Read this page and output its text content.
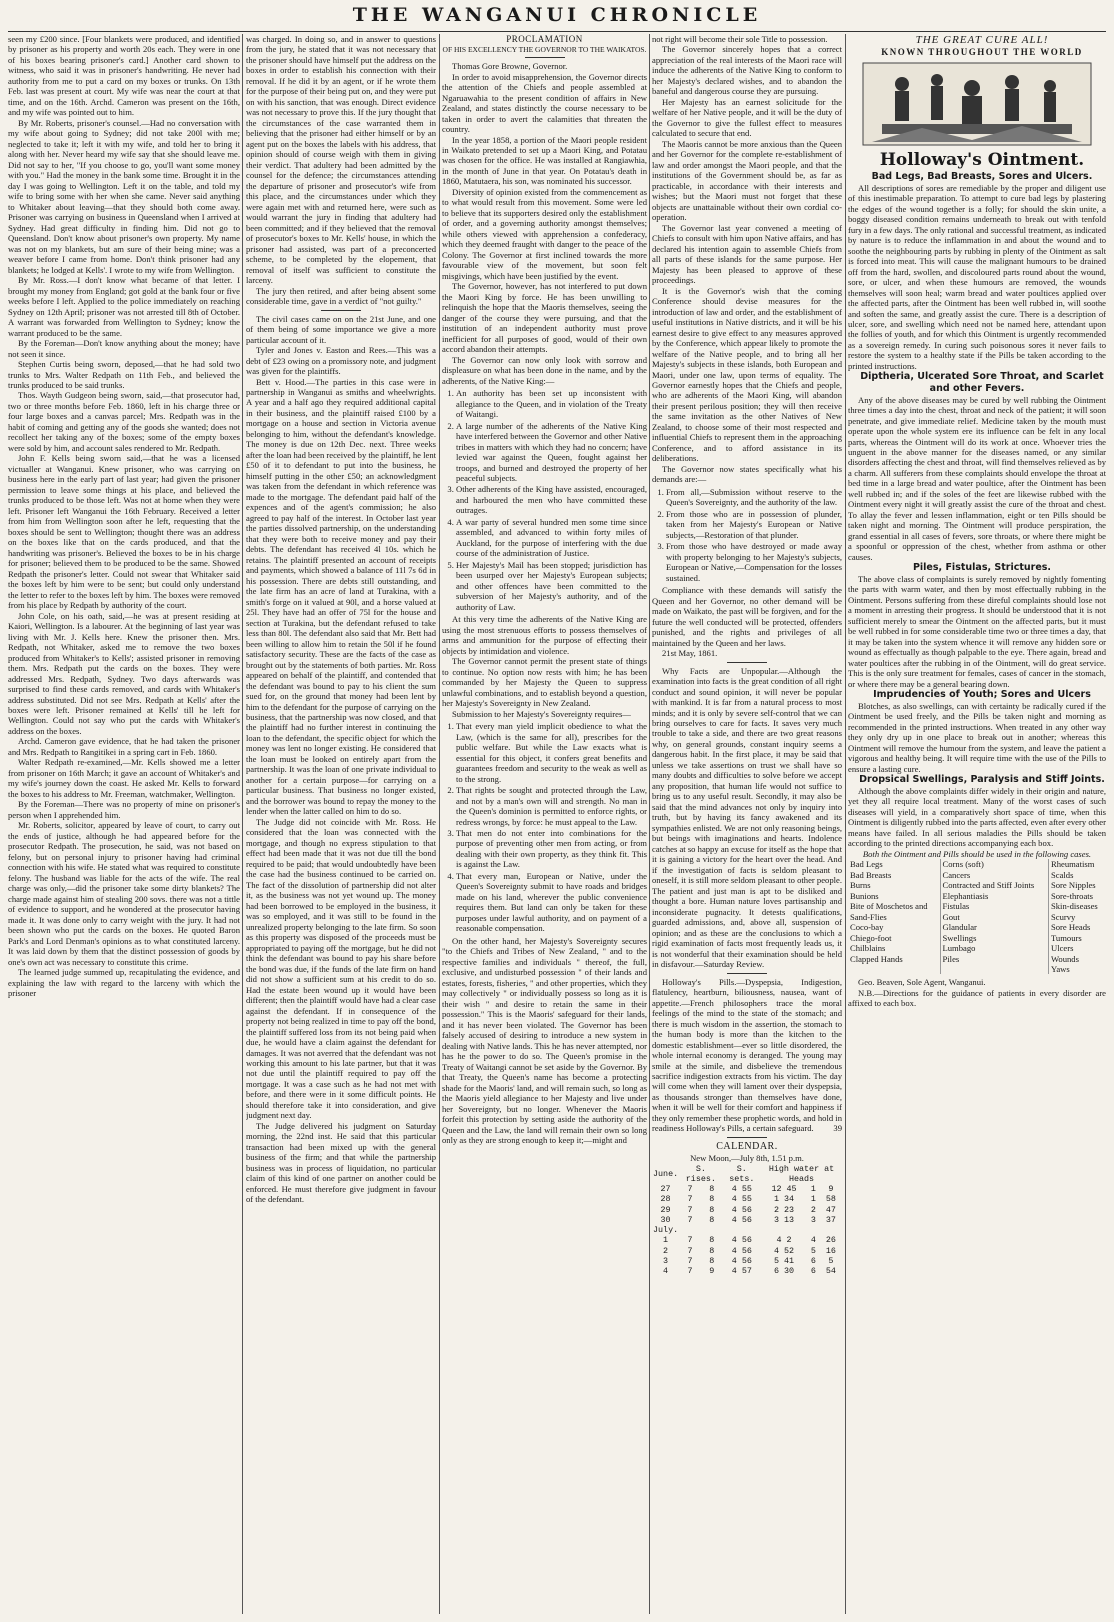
THE WANGANUI CHRONICLE

seen my £200 since. [Four blankets were produced, and identified by prisoner as his property and worth 20s each. They were in one of his boxes bearing prisoner's card.] Another card shown to witness, who said it was in prisoner's handwriting. He never had authority from me to put a card on my boxes or trunks. On 13th Feb. last was present at court. My wife was near the court at that time, and on the 16th. Archd. Cameron was present on the 16th, and my wife was pointed out to him.

By Mr. Roberts, prisoner's counsel.—Had no conversation with my wife about going to Sydney; did not take 200l with me; neglected to take it; left it with my wife, and told her to bring it along with her. Never heard my wife say that she should leave me. Did not say to her, "If you choose to go, you'll want some money with you." Had the money in the bank some time. Brought it in the day I was going to Wellington. Left it on the table, and told my wife to bring some with her when she came. Never said anything to Whitaker about leaving—that they should both come away. Prisoner was carrying on business in Queensland when I arrived at Sydney. Had great difficulty in finding him. Did not go to Queensland. Don't know about prisoner's own property. My name was not on my blankets, but am sure of their being mine; was a weaver before I came from home. Don't think prisoner had any blankets; he lodged at Kells'. I wrote to my wife from Wellington.

By Mr. Ross.—I don't know what became of that letter. I brought my money from England; got gold at the bank four or five weeks before I left. Applied to the police immediately on reaching Sydney on 12th April; prisoner was not arrested till 8th of October. A warrant was forwarded from Wellington to Sydney; know the warrant produced to be the same.

By the Foreman—Don't know anything about the money; have not seen it since.

Stephen Curtis being sworn, deposed,—that he had sold two trunks to Mrs. Walter Redpath on 11th Feb., and believed the trunks produced to be said trunks.

Thos. Wayth Gudgeon being sworn, said,—that prosecutor had, two or three months before Feb. 1860, left in his charge three or four large boxes and a canvas parcel; Mrs. Redpath was in the habit of coming and getting any of the goods she wanted; does not recollect her taking any of the boxes; some of the empty boxes were sold by him, and account sales rendered to Mr. Redpath.

John F. Kells being sworn said,—that he was a licensed victualler at Wanganui. Knew prisoner, who was carrying on business here in the early part of last year; had given the prisoner permission to leave some things at his place, and believed the trunks produced to be those left. Was not at home when they were left. Prisoner left Wanganui the 16th February. Received a letter from him from Wellington soon after he left, requesting that the boxes should be sent to Wellington; thought there was an address on the boxes like that on the cards produced, and that the handwriting was prisoner's. Believed the boxes to be in his charge for prisoner; believed them to be produced to be the same. Showed Redpath the prisoner's letter. Could not swear that Whitaker said the boxes left by him were to be sent; but could only understand the letter to refer to the boxes left by him. The boxes were removed from his place by Redpath by authority of the court.

John Cole, on his oath, said,—he was at present residing at Kaiori, Wellington. Is a labourer. At the beginning of last year was living with Mr. J. Kells here. Knew the prisoner then. Mrs. Redpath, not Whitaker, asked me to remove the two boxes produced from Whitaker's to Kells'; assisted prisoner in removing them. Mrs. Redpath put the cards on the boxes. They were addressed Mrs. Redpath, Sydney. Two days afterwards was surprised to find these cards removed, and cards with Whitaker's address substituted. Did not see Mrs. Redpath at Kells' after the boxes were left. Prisoner remained at Kells' till he left for Wellington. Could not say who put the cards with Whitaker's address on the boxes.

Archd. Cameron gave evidence, that he had taken the prisoner and Mrs. Redpath to Rangitikei in a spring cart in Feb. 1860.

Walter Redpath re-examined,—Mr. Kells showed me a letter from prisoner on 16th March; it gave an account of Whitaker's and my wife's journey down the coast. He asked Mr. Kells to forward the boxes to his address to Mr. Freeman, watchmaker, Wellington.

By the Foreman—There was no property of mine on prisoner's person when I apprehended him.

Mr. Roberts, solicitor, appeared by leave of court, to carry out the ends of justice, although he had appeared before for the prosecutor Redpath. The prosecution, he said, was not based on felony, but on personal injury to prisoner having had criminal connection with his wife. He stated what was required to constitute felony. The husband was liable for the acts of the wife. The real charge was only,—did the prisoner take some dirty blankets? The charge made against him of stealing 200 sovs. there was not a tittle of evidence to support, and he wondered at the prosecutor having made it. It was done only to carry weight with the jury. It had not been shown who put the cards on the boxes. He quoted Baron Park's and Lord Denman's opinions as to what constituted larceny. It was laid down by them that the distinct possession of goods by one's own act was necessary to constitute this crime.

The learned judge summed up, recapitulating the evidence, and explaining the law with regard to the larceny with which the prisoner

was charged. In doing so, and in answer to questions from the jury, he stated that it was not necessary that the prisoner should have himself put the address on the boxes in order to establish his connection with their removal. If he did it by an agent, or if he wrote them for the purpose of their being put on, and they were put on with his sanction, that was enough. Direct evidence was not necessary to prove this. If the jury thought that the circumstances of the case warranted them in believing that the prisoner had either himself or by an agent put on the boxes the labels with his address, that opinion should of course weigh with them in giving their verdict. That adultery had been admitted by the counsel for the defence; the circumstances attending the departure of prisoner and prosecutor's wife from this place, and the circumstances under which they were again met with and returned here, were such as would warrant the jury in finding that adultery had been committed; and if they believed that the removal of prosecutor's boxes to Mr. Kells' house, in which the prisoner had assisted, was part of a preconcerted scheme, to be completed by the elopement, that removal of itself was sufficient to constitute the larceny.

The jury then retired, and after being absent some considerable time, gave in a verdict of "not guilty."

The civil cases came on on the 21st June, and one of them being of some importance we give a more particular account of it.

Tyler and Jones v. Easton and Rees.—This was a debt of £23 owing on a promissory note, and judgment was given for the plaintiffs.

Bett v. Hood.—The parties in this case were in partnership in Wanganui as smiths and wheelwrights. A year and a half ago they required additional capital in their business, and the plaintiff raised £100 by a mortgage on a house and section in Victoria avenue belonging to him, without the defendant's knowledge. The money is due on 12th Dec. next. Three weeks after the loan had been received by the plaintiff, he lent £50 of it to defendant to put into the business, he himself putting in the other £50; an acknowledgment was taken from the defendant in which reference was made to the mortgage. The defendant paid half of the expences and of the agent's commission; he also agreed to pay half of the interest. In October last year the parties dissolved partnership, on the understanding that they were both to receive money and pay their debts. The defendant has received 4l 10s. which he retains. The plaintiff presented an account of receipts and payments, which showed a balance of 11l 7s 6d in his possession. There are debts still outstanding, and the late firm has an acre of land at Turakina, with a smith's forge on it valued at 90l, and a horse valued at 25l. They have had an offer of 75l for the house and section at Turakina, but the defendant refused to take less than 80l. The defendant also said that Mr. Bett had been willing to allow him to retain the 50l if he found satisfactory security. These are the facts of the case as brought out by the statements of both parties. Mr. Ross appeared on behalf of the plaintiff, and contended that the defendant was bound to pay to his client the sum sued for, on the ground that money had been lent by him to the defendant for the purpose of carrying on the business, that the partnership was now closed, and that the plaintiff had no further interest in continuing the loan to the defendant, the specific object for which the money was lent no longer existing. He considered that the loan must be looked on entirely apart from the partnership. It was the loan of one private individual to another for a certain purpose—for carrying on a particular business. That business no longer existed, and the borrower was bound to repay the money to the lender when the latter called on him to do so.

The Judge did not coincide with Mr. Ross. He considered that the loan was connected with the mortgage, and though no express stipulation to that effect had been made that it was not due till the bond required to be paid; that would undoubtedly have been the case had the business continued to be carried on. The fact of the dissolution of partnership did not alter it, as the business was not yet wound up. The money had been borrowed to be employed in the business, it was so employed, and it was still to be found in the unrealized property belonging to the late firm. So soon as this property was disposed of the proceeds must be appropriated to paying off the mortgage, but he did not think the defendant was bound to pay his share before the bond was due, if the funds of the late firm on hand did not show a sufficient sum at his credit to do so. Had the estate been wound up it would have been different; then the plaintiff would have had a clear case against the defendant. If in consequence of the property not being realized in time to pay off the bond, the plaintiff suffered loss from its not being paid when due, he would have a claim against the defendant for damages. It was not averred that the defendant was not working this amount to his late partner, but that it was not due until the plaintiff required to pay off the mortgage. It was a case such as he had not met with before, and there were in it some difficult points. He should therefore take it into consideration, and give judgment next day.

The Judge delivered his judgment on Saturday morning, the 22nd inst. He said that this particular transaction had been mixed up with the general business of the firm; and that while the partnership business was in process of liquidation, no particular claim of this kind of one partner on another could be enforced. He must therefore give judgment in favour of the defendant.

PROCLAMATION

OF HIS EXCELLENCY THE GOVERNOR TO THE WAIKATOS.

Thomas Gore Browne, Governor.

In order to avoid misapprehension, the Governor directs the attention of the Chiefs and people assembled at Ngaruawahia to the present condition of affairs in New Zealand, and states distinctly the course necessary to be taken in order to avert the calamities that threaten the country.

In the year 1858, a portion of the Maori people resident in Waikato pretended to set up a Maori King, and Potatau was chosen for the office. He was installed at Rangiawhia, in the month of June in that year. On Potatau's death in 1860, Matutaera, his son, was nominated his successor.

Diversity of opinion existed from the commencement as to what would result from this movement. Some were led to believe that its supporters desired only the establishment of order, and a governing authority amongst themselves; while others viewed with apprehension a confederacy, which they deemed fraught with danger to the peace of the Colony. The Governor at first inclined towards the more favourable view of the movement, but soon felt misgivings, which have been justified by the event.

The Governor, however, has not interfered to put down the Maori King by force. He has been unwilling to relinquish the hope that the Maoris themselves, seeing the danger of the course they were pursuing, and that the institution of an independent authority must prove inefficient for all purposes of good, would of their own accord abandon their attempts.

The Governor can now only look with sorrow and displeasure on what has been done in the name, and by the adherents, of the Native King:—

1. An authority has been set up inconsistent with allegiance to the Queen, and in violation of the Treaty of Waitangi.
2. A large number of the adherents of the Native King have interfered between the Governor and other Native tribes in matters with which they had no concern; have levied war against the Queen, fought against her troops, and burned and destroyed the property of her peaceful subjects.
3. Other adherents of the King have assisted, encouraged, and harboured the men who have committed these outrages.
4. A war party of several hundred men some time since assembled, and advanced to within forty miles of Auckland, for the purpose of interfering with the due course of the administration of Justice.
5. Her Majesty's Mail has been stopped; jurisdiction has been usurped over her Majesty's European subjects; and other offences have been committed to the subversion of her Majesty's authority, and of the authority of Law.

At this very time the adherents of the Native King are using the most strenuous efforts to possess themselves of arms and ammunition for the purpose of effecting their objects by intimidation and violence.

The Governor cannot permit the present state of things to continue. No option now rests with him; he has been commanded by her Majesty the Queen to suppress unlawful combinations, and to establish beyond a question, her Majesty's Sovereignty in New Zealand.

Submission to her Majesty's Sovereignty requires—

1. That every man yield implicit obedience to what the Law, (which is the same for all), prescribes for the public welfare. But while the Law exacts what is essential for this object, it confers great benefits and guarantees freedom and security to the weak as well as to the strong.
2. That rights be sought and protected through the Law, and not by a man's own will and strength. No man in the Queen's dominion is permitted to enforce rights, or redress wrongs, by force: he must appeal to the Law.
3. That men do not enter into combinations for the purpose of preventing other men from acting, or from dealing with their own property, as they think fit. This is against the Law.
4. That every man, European or Native, under the Queen's Sovereignty submit to have roads and bridges made on his land, wherever the public convenience requires them. But land can only be taken for these purposes under lawful authority, and on payment of a reasonable compensation.

On the other hand, her Majesty's Sovereignty secures "to the Chiefs and Tribes of New Zealand, " and to the respective families and individuals " thereof, the full, exclusive, and undisturbed possession " of their lands and estates, forests, fisheries, " and other properties, which they may collectively " or individually possess so long as it is their wish " and desire to retain the same in their possession." This is the Maoris' safeguard for their lands, and it has never been violated. The Governor has been falsely accused of desiring to introduce a new system in dealing with Native lands. This he has never attempted, nor has he the power to do so. The Queen's promise in the Treaty of Waitangi cannot be set aside by the Governor. By that Treaty, the Queen's name has become a protecting shade for the Maoris' land, and will remain such, so long as the Maoris yield allegiance to her Majesty and live under her Sovereignty, but no longer. Whenever the Maoris forfeit this protection by setting aside the authority of the Queen and the Law, the land will remain their own so long only as they are strong enough to keep it;—might and

not right will become their sole Title to possession.

The Governor sincerely hopes that a correct appreciation of the real interests of the Maori race will induce the adherents of the Native King to conform to her Majesty's declared wishes, and to abandon the baneful and dangerous course they are pursuing.

Her Majesty has an earnest solicitude for the welfare of her Native people, and it will be the duty of the Governor to give the fullest effect to measures calculated to secure that end.

The Maoris cannot be more anxious than the Queen and her Governor for the complete re-establishment of law and order amongst the Maori people, and that the institutions of the Government should be, as far as practicable, in accordance with their interests and wishes; but the Maori must not forget that these objects are unattainable without their own cordial co-operation.

The Governor last year convened a meeting of Chiefs to consult with him upon Native affairs, and has declared his intention again to assemble Chiefs from all parts of these islands for the same purpose. Her Majesty has been pleased to approve of these proceedings.

It is the Governor's wish that the coming Conference should devise measures for the introduction of law and order, and the establishment of useful institutions in Native districts, and it will be his earnest desire to give effect to any measures approved by the Conference, which appear likely to promote the welfare of the Native people, and to bring all her Majesty's subjects in these islands, both European and Maori, under one law, upon terms of equality. The Governor earnestly hopes that the Chiefs and people, who are adherents of the Maori King, will abandon their present perilous position; they will then receive the same invitation as the other Natives of New Zealand, to choose some of their most respected and influential Chiefs to represent them in the approaching Conference, and to afford assistance in its deliberations.

The Governor now states specifically what his demands are:—

1. From all,—Submission without reserve to the Queen's Sovereignty, and the authority of the law.
2. From those who are in possession of plunder, taken from her Majesty's European or Native subjects,—Restoration of that plunder.
3. From those who have destroyed or made away with property belonging to her Majesty's subjects, European or Native,—Compensation for the losses sustained.

Compliance with these demands will satisfy the Queen and her Governor, no other demand will be made on Waikato, the past will be forgiven, and for the future the well conducted will be protected, offenders punished, and the rights and privileges of all maintained by the Queen and her laws.

21st May, 1861.

Why Facts are Unpopular.—Although the examination into facts is the great condition of all right conduct and sound opinion, it will never be popular with mankind. It is far from a natural process to most minds; and it is only by severe self-control that we can bring ourselves to care for facts. It saves very much trouble to take a side, and there are two great reasons why, on general grounds, constant inquiry seems a dangerous habit. In the first place, it may be said that unless we take assertions on trust we shall have so many doubts and difficulties to solve before we accept any proposition, that human life would not suffice to bring us to any useful result. Secondly, it may also be said that the mind advances not only by inquiry into truth, but by having its fancy awakened and its sympathies enlisted. We are not only reasoning beings, but beings with imaginations and hearts. Indolence catches at so happy an excuse for itself as the hope that it is gaining a victory for the heart over the head. And if the investigation of facts is seldom pleasant to oneself, it is still more seldom pleasant to other people. The patient and just man is apt to be disliked and thought a bore. Human nature loves partisanship and inconsiderate pugnacity. It detests qualifications, guarded admissions, and, above all, suspension of opinion; and as these are the conclusions to which a rigid examination of facts most frequently leads us, it is not wonderful that their examination should be held in disfavour.—Saturday Review.

Holloway's Pills.—Dyspepsia, Indigestion, flatulency, heartburn, biliousness, nausea, want of appetite.—French philosophers trace the moral feelings of the mind to the state of the stomach; and there is much wisdom in the assertion, the stomach to the human body is more than the kitchen to the domestic establishment—ever so little disordered, the whole internal economy is deranged. The young may smile at the simile, and disbelieve the tremendous sacrifice indigestion extracts from his victim. The day will come when they will lament over their dyspepsia, as thousands stronger than themselves have done, when it will be well for their comfort and happiness if they only remember these prophetic words, and hold in readiness Holloway's Pills, a certain safeguard.	39

CALENDAR.

New Moon,—July 8th, 1.51 p.m.

June.	S. rises.		S. sets.	High water at Heads		
27	7	8	4 55	12 45	1	9
28	7	8	4 55	1 34	1	58
29	7	8	4 56	2 23	2	47
30	7	8	4 56	3 13	3	37
July.						
1	7	8	4 56	4 2	4	26
2	7	8	4 56	4 52	5	16
3	7	8	4 56	5 41	6	5
4	7	9	4 57	6 30	6	54

THE GREAT CURE ALL!

KNOWN THROUGHOUT THE WORLD

Holloway's Ointment.

Bad Legs, Bad Breasts, Sores and Ulcers.

All descriptions of sores are remediable by the proper and diligent use of this inestimable preparation. To attempt to cure bad legs by plastering the edges of the wound together is a folly; for should the skin unite, a boggy diseased condition remains underneath to break out with tenfold fury in a few days. The only rational and successful treatment, as indicated by nature is to reduce the inflammation in and about the wound and to soothe the neighbouring parts by rubbing in plenty of the Ointment as salt is forced into meat. This will cause the malignant humours to be drained off from the hard, swollen, and discoloured parts round about the wound, sore, or ulcer, and when these humours are removed, the wounds themselves will soon heal; warm bread and water poultices applied over the affected parts, after the Ointment has been well rubbed in, will soothe and soften the same, and greatly assist the cure. There is a description of ulcer, sore, and swelling which need not be named here, attendant upon the follies of youth, and for which this Ointment is urgently recommended as a sovereign remedy. In curing such poisonous sores it never fails to restore the system to a healthy state if the Pills be taken according to the printed instructions.

Diptheria, Ulcerated Sore Throat, and Scarlet and other Fevers.

Any of the above diseases may be cured by well rubbing the Ointment three times a day into the chest, throat and neck of the patient; it will soon penetrate, and give immediate relief. Medicine taken by the mouth must operate upon the whole system ere its influence can be felt in any local parts, whereas the Ointment will do its work at once. Whoever tries the unguent in the above manner for the diseases named, or any similar disorders affecting the chest and throat, will find themselves relieved as by a charm. All sufferers from these complaints should envelope the throat at bed time in a large bread and water poultice, after the Ointment has been well rubbed in; and if the soles of the feet are likewise rubbed with the Ointment every night it will greatly assist the cure of the throat and chest. To allay the fever and lessen inflammation, eight or ten Pills should be taken night and morning. The Ointment will produce perspiration, the grand essential in all cases of fevers, sore throats, or where there might be a spoonful or oppression of the chest, whether from asthma or other causes.

Piles, Fistulas, Strictures.

The above class of complaints is surely removed by nightly fomenting the parts with warm water, and then by most effectually rubbing in the Ointment. Persons suffering from these direful complaints should lose not a moment in arresting their progress. It should be understood that it is not sufficient merely to smear the Ointment on the affected parts, but it must be well rubbed in for some considerable time two or three times a day, that it may be taken into the system whence it will remove any hidden sore or wound as effectually as though palpable to the eye. There again, bread and water poultices after the rubbing in of the Ointment, will do great service. This is the only sure treatment for females, cases of cancer in the stomach, or where there may be a general bearing down.

Imprudencies of Youth; Sores and Ulcers

Blotches, as also swellings, can with certainty be radically cured if the Ointment be used freely, and the Pills be taken night and morning as recommended in the printed instructions. When treated in any other way they only dry up in one place to break out in another; whereas this Ointment will remove the humour from the system, and leave the patient a vigorous and healthy being. It will require time with the use of the Pills to ensure a lasting cure.

Dropsical Swellings, Paralysis and Stiff Joints.

Although the above complaints differ widely in their origin and nature, yet they all require local treatment. Many of the worst cases of such diseases will yield, in a comparatively short space of time, when this Ointment is diligently rubbed into the parts affected, even after every other means have failed. In all serious maladies the Pills should be taken according to the printed directions accompanying each box.

Both the Ointment and Pills should be used in the following cases.

Bad Legs	Corns (soft)	Rheumatism
Bad Breasts	Cancers	Scalds
Burns	Contracted and Stiff Joints	Sore Nipples
Bunions	Elephantiasis	Sore-throats
Bite of Moschetos and	Fistulas	Skin-diseases
Sand-Flies	Gout	Scurvy
Coco-bay	Glandular	Sore Heads
Chiego-foot	Swellings	Tumours
Chilblains	Lumbago	Ulcers
Clapped Hands	Piles	Wounds
		Yaws

Geo. Beaven, Sole Agent, Wanganui.

N.B.—Directions for the guidance of patients in every disorder are affixed to each box.
